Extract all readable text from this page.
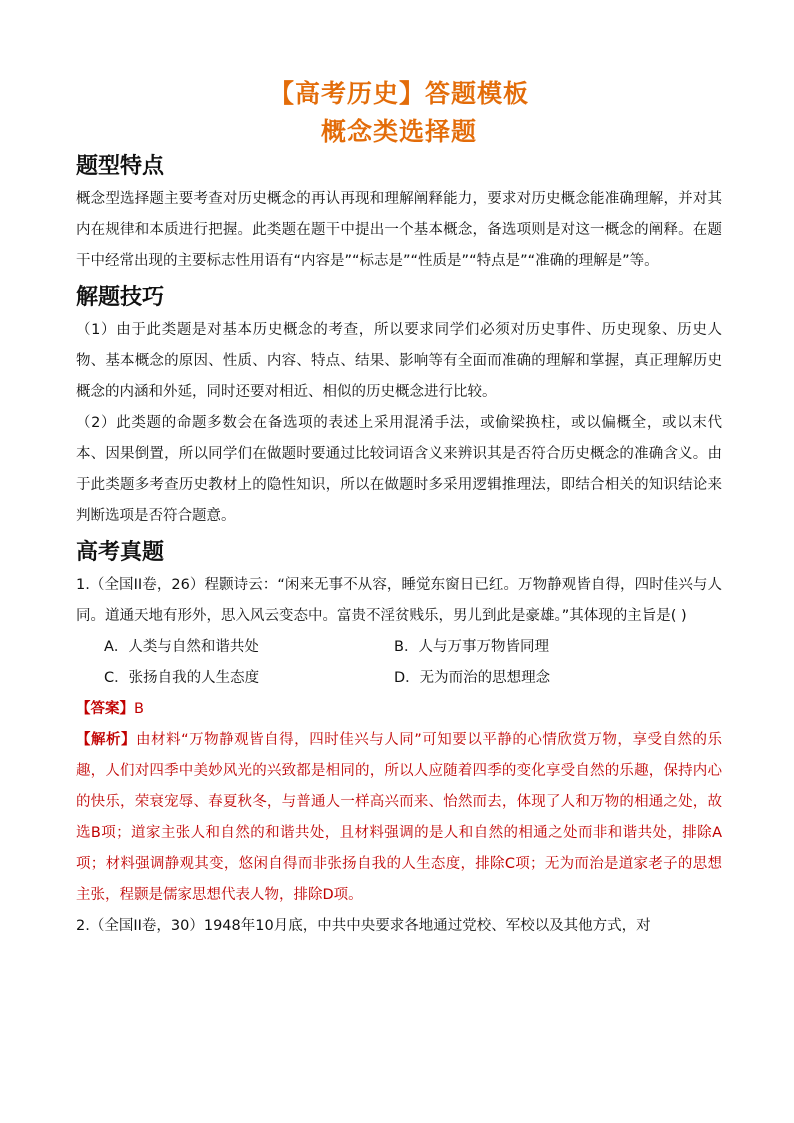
【高考历史】答题模板
概念类选择题
题型特点

概念型选择题主要考查对历史概念的再认再现和理解阐释能力，要求对历史概念能准确理解，并对其内在规律和本质进行把握。此类题在题干中提出一个基本概念，备选项则是对这一概念的阐释。在题干中经常出现的主要标志性用语有“内容是”“标志是”“性质是”“特点是”“准确的理解是”等。

解题技巧

（1）由于此类题是对基本历史概念的考查，所以要求同学们必须对历史事件、历史现象、历史人物、基本概念的原因、性质、内容、特点、结果、影响等有全面而准确的理解和掌握，真正理解历史概念的内涵和外延，同时还要对相近、相似的历史概念进行比较。

（2）此类题的命题多数会在备选项的表述上采用混淆手法，或偷梁换柱，或以偏概全，或以末代本、因果倒置，所以同学们在做题时要通过比较词语含义来辨识其是否符合历史概念的准确含义。由于此类题多考查历史教材上的隐性知识，所以在做题时多采用逻辑推理法，即结合相关的知识结论来判断选项是否符合题意。

高考真题

1.（全国II卷，26）程颢诗云：“闲来无事不从容，睡觉东窗日已红。万物静观皆自得，四时佳兴与人同。道通天地有形外，思入风云变态中。富贵不淫贫贱乐，男儿到此是豪雄。”其体现的主旨是( )

A．人类与自然和谐共处	B．人与万事万物皆同理
C．张扬自我的人生态度	D．无为而治的思想理念

【答案】B

【解析】由材料“万物静观皆自得，四时佳兴与人同”可知要以平静的心情欣赏万物，享受自然的乐趣，人们对四季中美妙风光的兴致都是相同的，所以人应随着四季的变化享受自然的乐趣，保持内心的快乐，荣衰宠辱、春夏秋冬，与普通人一样高兴而来、怡然而去，体现了人和万物的相通之处，故选B项；道家主张人和自然的和谐共处，且材料强调的是人和自然的相通之处而非和谐共处，排除A项；材料强调静观其变，悠闲自得而非张扬自我的人生态度，排除C项；无为而治是道家老子的思想主张，程颢是儒家思想代表人物，排除D项。

2.（全国II卷，30）1948年10月底，中共中央要求各地通过党校、军校以及其他方式，对
